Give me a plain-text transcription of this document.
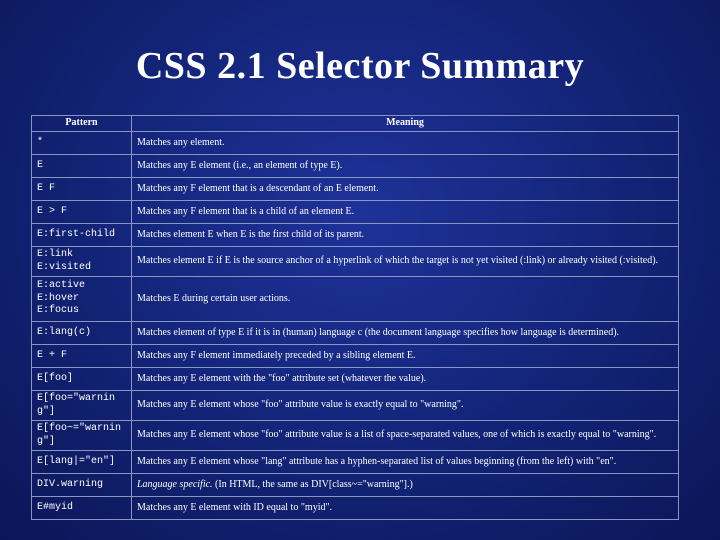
CSS 2.1 Selector Summary
Pattern	Meaning
*	Matches any element.
E	Matches any E element (i.e., an element of type E).
E F	Matches any F element that is a descendant of an E element.
E > F	Matches any F element that is a child of an element E.
E:first-child	Matches element E when E is the first child of its parent.
E:link
E:visited	Matches element E if E is the source anchor of a hyperlink of which the target is not yet visited (:link) or already visited (:visited).

E:active
E:hover
E:focus	Matches E during certain user actions.
E:lang(c)	Matches element of type E if it is in (human) language c (the document language specifies how language is determined).
E + F	Matches any F element immediately preceded by a sibling element E.
E[foo]	Matches any E element with the "foo" attribute set (whatever the value).
E[foo="warning"]	Matches any E element whose "foo" attribute value is exactly equal to "warning".
E[foo~="warning"]	Matches any E element whose "foo" attribute value is a list of space-separated values, one of which is exactly equal to "warning".

E[lang|="en"]	Matches any E element whose "lang" attribute has a hyphen-separated list of values beginning (from the left) with "en".
DIV.warning	Language specific. (In HTML, the same as DIV[class~="warning"].)
E#myid	Matches any E element with ID equal to "myid".
